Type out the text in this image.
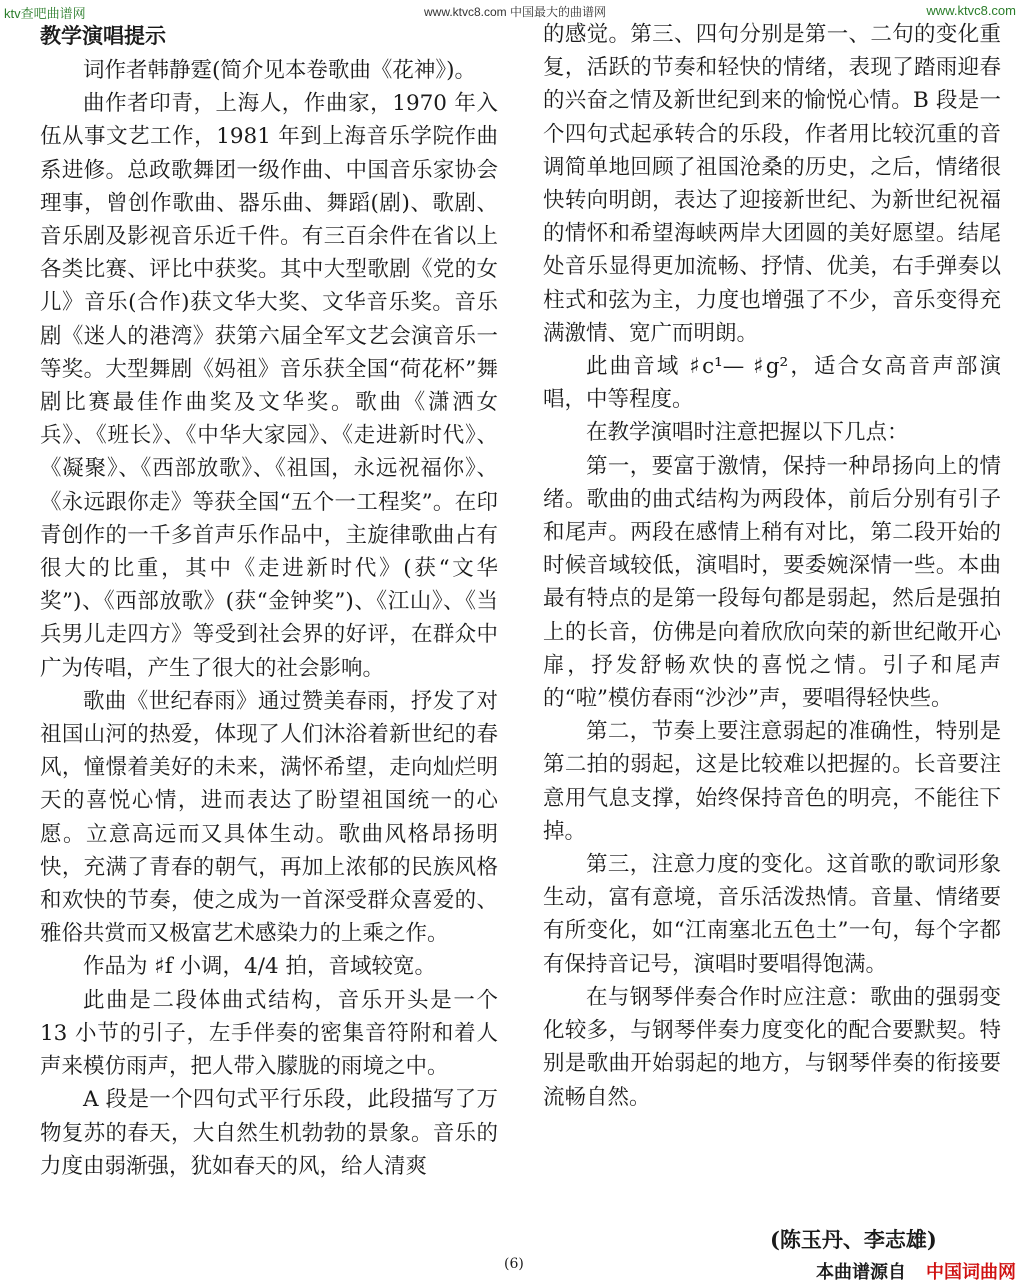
ktv查吧曲谱网	www.ktvc8.com 中国最大的曲谱网	www.ktvc8.com
教学演唱提示

词作者韩静霆(简介见本卷歌曲《花神》)。

曲作者印青，上海人，作曲家，1970 年入伍从事文艺工作，1981 年到上海音乐学院作曲系进修。总政歌舞团一级作曲、中国音乐家协会理事，曾创作歌曲、器乐曲、舞蹈(剧)、歌剧、音乐剧及影视音乐近千件。有三百余件在省以上各类比赛、评比中获奖。其中大型歌剧《党的女儿》音乐(合作)获文华大奖、文华音乐奖。音乐剧《迷人的港湾》获第六届全军文艺会演音乐一等奖。大型舞剧《妈祖》音乐获全国“荷花杯”舞剧比赛最佳作曲奖及文华奖。歌曲《潇洒女兵》、《班长》、《中华大家园》、《走进新时代》、《凝聚》、《西部放歌》、《祖国，永远祝福你》、《永远跟你走》等获全国“五个一工程奖”。在印青创作的一千多首声乐作品中，主旋律歌曲占有很大的比重，其中《走进新时代》(获“文华奖”)、《西部放歌》(获“金钟奖”)、《江山》、《当兵男儿走四方》等受到社会界的好评，在群众中广为传唱，产生了很大的社会影响。

歌曲《世纪春雨》通过赞美春雨，抒发了对祖国山河的热爱，体现了人们沐浴着新世纪的春风，憧憬着美好的未来，满怀希望，走向灿烂明天的喜悦心情，进而表达了盼望祖国统一的心愿。立意高远而又具体生动。歌曲风格昂扬明快，充满了青春的朝气，再加上浓郁的民族风格和欢快的节奏，使之成为一首深受群众喜爱的、雅俗共赏而又极富艺术感染力的上乘之作。

作品为 ♯f 小调，4/4 拍，音域较宽。

此曲是二段体曲式结构，音乐开头是一个 13 小节的引子，左手伴奏的密集音符附和着人声来模仿雨声，把人带入朦胧的雨境之中。

A 段是一个四句式平行乐段，此段描写了万物复苏的春天，大自然生机勃勃的景象。音乐的力度由弱渐强，犹如春天的风，给人清爽

的感觉。第三、四句分别是第一、二句的变化重复，活跃的节奏和轻快的情绪，表现了踏雨迎春的兴奋之情及新世纪到来的愉悦心情。B 段是一个四句式起承转合的乐段，作者用比较沉重的音调简单地回顾了祖国沧桑的历史，之后，情绪很快转向明朗，表达了迎接新世纪、为新世纪祝福的情怀和希望海峡两岸大团圆的美好愿望。结尾处音乐显得更加流畅、抒情、优美，右手弹奏以柱式和弦为主，力度也增强了不少，音乐变得充满激情、宽广而明朗。

此曲音域 ♯c¹— ♯g²，适合女高音声部演唱，中等程度。

在教学演唱时注意把握以下几点：

第一，要富于激情，保持一种昂扬向上的情绪。歌曲的曲式结构为两段体，前后分别有引子和尾声。两段在感情上稍有对比，第二段开始的时候音域较低，演唱时，要委婉深情一些。本曲最有特点的是第一段每句都是弱起，然后是强拍上的长音，仿佛是向着欣欣向荣的新世纪敞开心扉，抒发舒畅欢快的喜悦之情。引子和尾声的“啦”模仿春雨“沙沙”声，要唱得轻快些。

第二，节奏上要注意弱起的准确性，特别是第二拍的弱起，这是比较难以把握的。长音要注意用气息支撑，始终保持音色的明亮，不能往下掉。

第三，注意力度的变化。这首歌的歌词形象生动，富有意境，音乐活泼热情。音量、情绪要有所变化，如“江南塞北五色土”一句，每个字都有保持音记号，演唱时要唱得饱满。

在与钢琴伴奏合作时应注意：歌曲的强弱变化较多，与钢琴伴奏力度变化的配合要默契。特别是歌曲开始弱起的地方，与钢琴伴奏的衔接要流畅自然。

(陈玉丹、李志雄)
(6)	本曲谱源自 中国词曲网
